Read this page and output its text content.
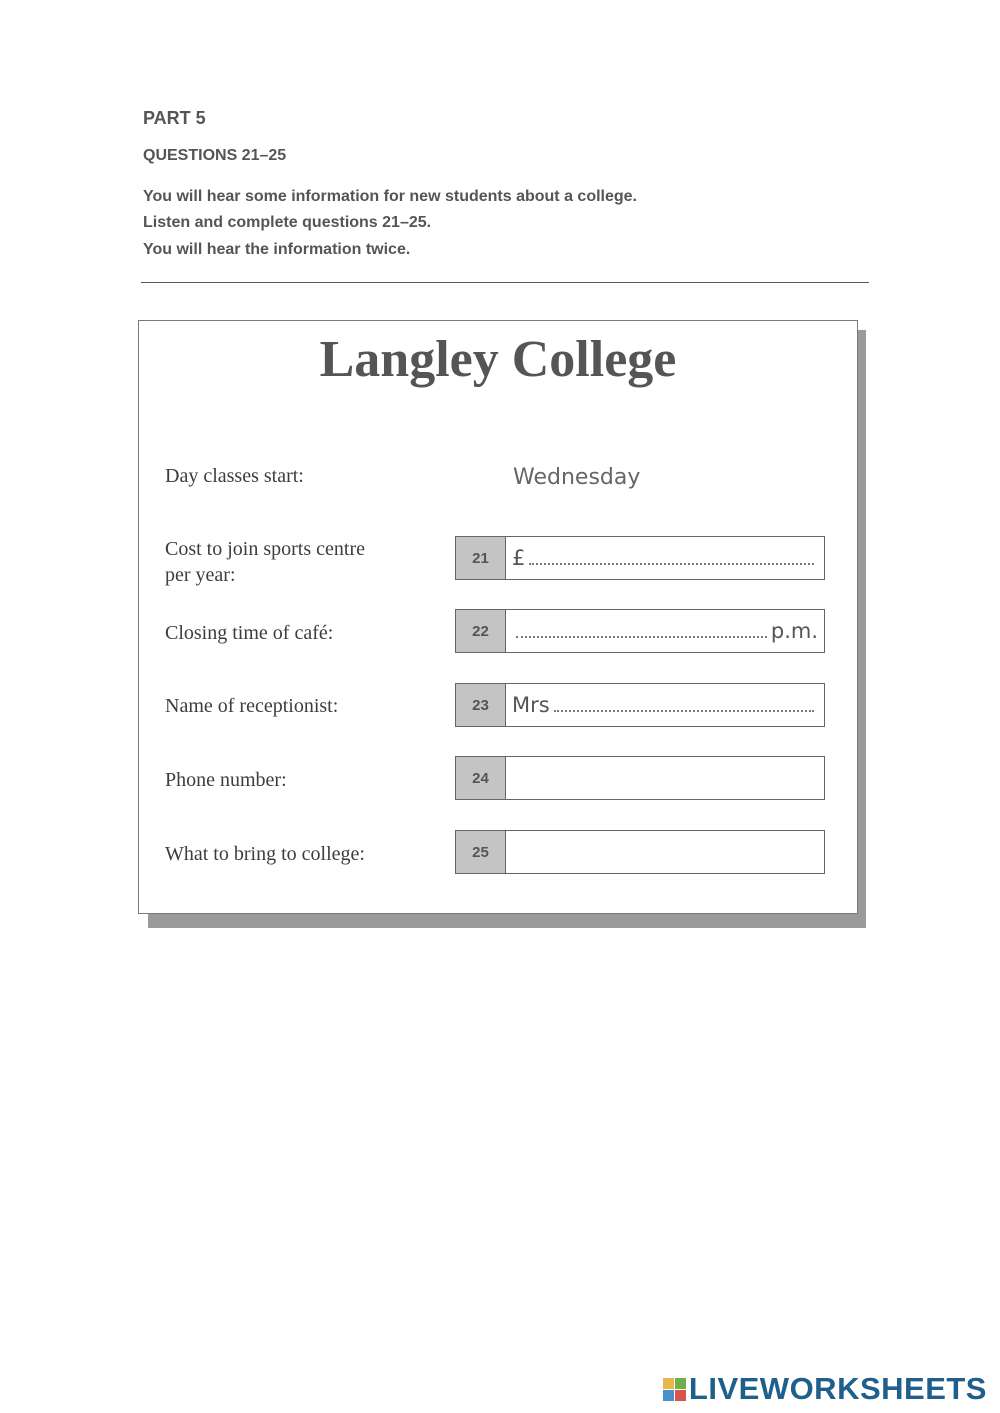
PART 5
QUESTIONS 21–25
You will hear some information for new students about a college.
Listen and complete questions 21–25.
You will hear the information twice.
Langley College
Day classes start:	Wednesday
Cost to join sports centre
per year:
21	£
Closing time of café:	22	p.m.
Name of receptionist:	23	Mrs
Phone number:	24
What to bring to college:	25
LIVEWORKSHEETS
